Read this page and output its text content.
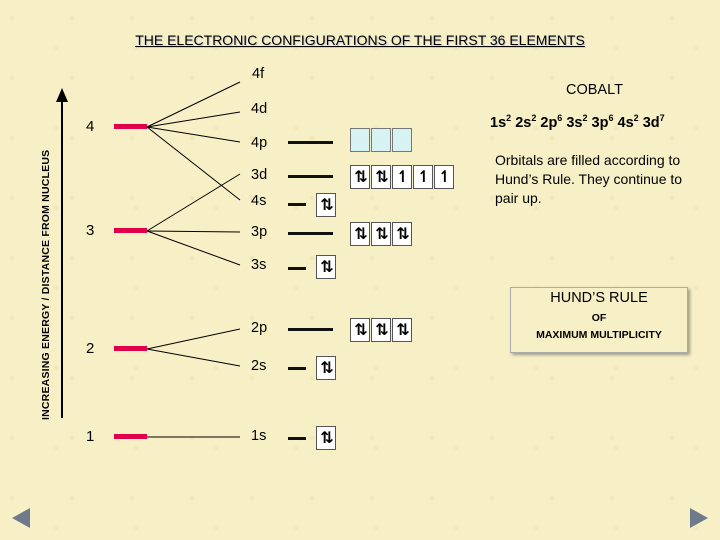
THE ELECTRONIC CONFIGURATIONS OF THE FIRST 36 ELEMENTS
INCREASING ENERGY / DISTANCE FROM NUCLEUS
4
3
2
1
4f
4d
4p
3d
4s
3p
3s
2p
2s
1s
⇅ ⇅ ↿ ↿ ↿
⇅
⇅ ⇅ ⇅
⇅
⇅ ⇅ ⇅
⇅
⇅
COBALT
$1s^2$ $2s^2$ $2p^6$ $3s^2$ $3p^6$ $4s^2$ $3d^7$
Orbitals are filled according to Hund’s Rule. They continue to pair up.
HUND’S RULE
OF
MAXIMUM MULTIPLICITY
